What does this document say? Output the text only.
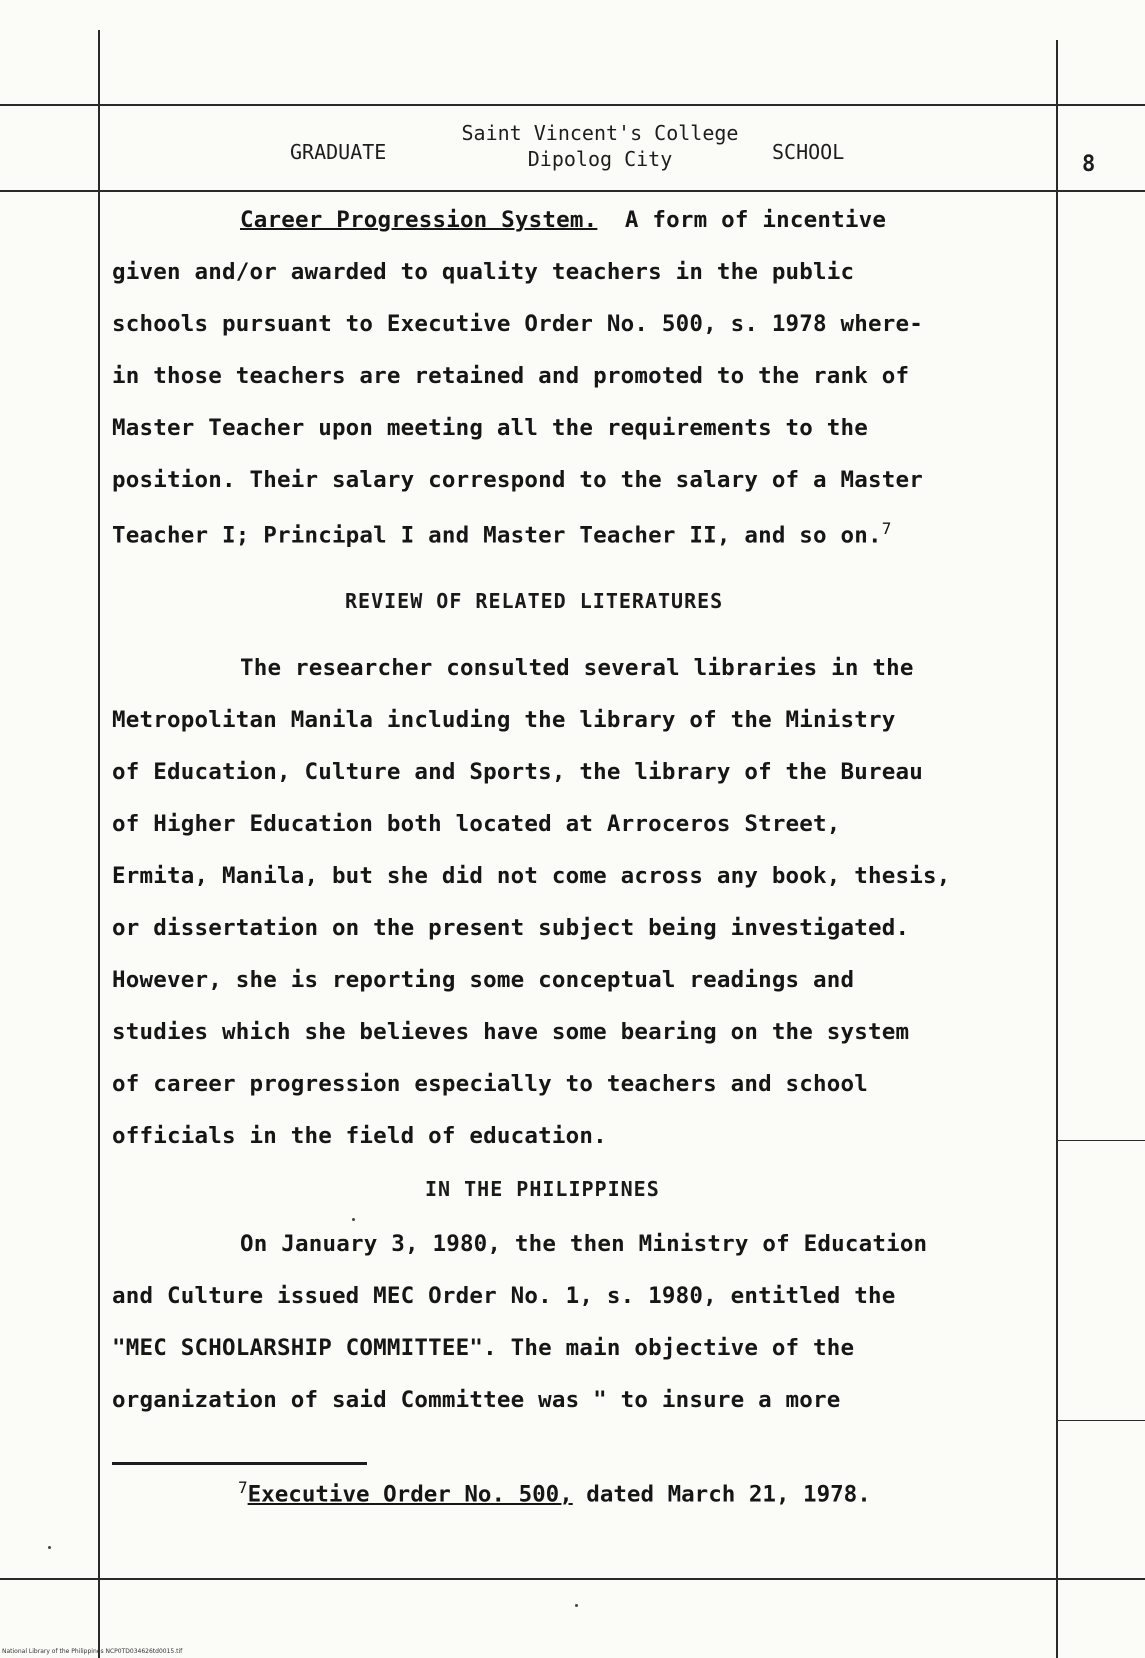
GRADUATE
Saint Vincent's College
Dipolog City	SCHOOL	8
Career Progression System. A form of incentive
given and/or awarded to quality teachers in the public
schools pursuant to Executive Order No. 500, s. 1978 where-
in those teachers are retained and promoted to the rank of
Master Teacher upon meeting all the requirements to the
position. Their salary correspond to the salary of a Master
Teacher I; Principal I and Master Teacher II, and so on.$^7$
REVIEW OF RELATED LITERATURES
The researcher consulted several libraries in the
Metropolitan Manila including the library of the Ministry
of Education, Culture and Sports, the library of the Bureau
of Higher Education both located at Arroceros Street,
Ermita, Manila, but she did not come across any book, thesis,
or dissertation on the present subject being investigated.
However, she is reporting some conceptual readings and
studies which she believes have some bearing on the system
of career progression especially to teachers and school
officials in the field of education.
IN THE PHILIPPINES
On January 3, 1980, the then Ministry of Education
and Culture issued MEC Order No. 1, s. 1980, entitled the
"MEC SCHOLARSHIP COMMITTEE". The main objective of the
organization of said Committee was " to insure a more
$^7$Executive Order No. 500, dated March 21, 1978.
National Library of the Philippines NCP0TD034626td0015.tif
